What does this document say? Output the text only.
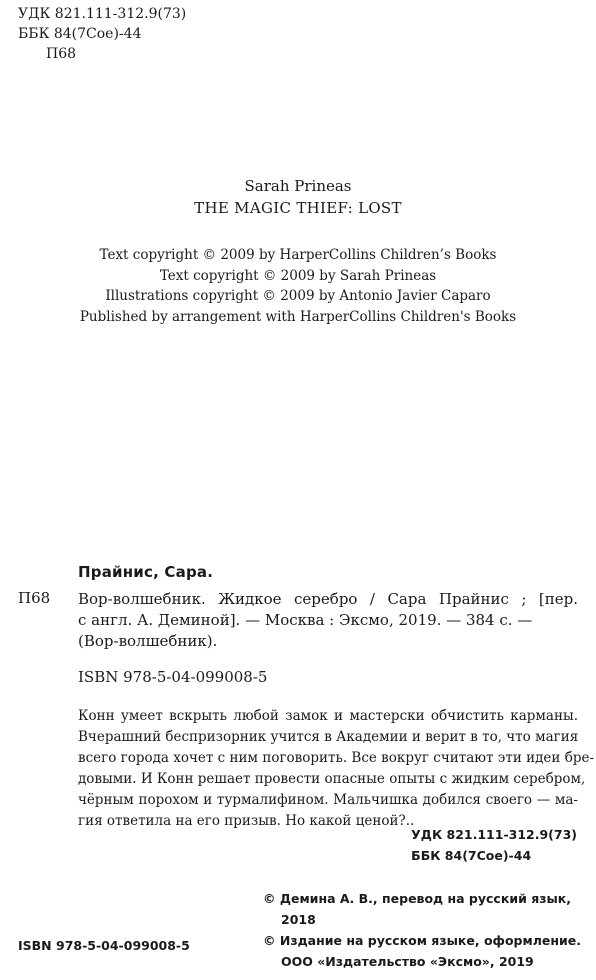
УДК 821.111-312.9(73)
ББК 84(7Сое)-44
П68
Sarah Prineas
THE MAGIC THIEF: LOST
Text copyright © 2009 by HarperCollins Children’s Books
Text copyright © 2009 by Sarah Prineas
Illustrations copyright © 2009 by Antonio Javier Caparo
Published by arrangement with HarperCollins Children's Books
Прайнис, Сара.
П68 Вор-волшебник. Жидкое серебро / Сара Прайнис ; [пер.
с англ. А. Деминой]. — Москва : Эксмо, 2019. — 384 с. —
(Вор-волшебник).
ISBN 978-5-04-099008-5
Конн умеет вскрыть любой замок и мастерски обчистить карманы.
Вчерашний беспризорник учится в Академии и верит в то, что магия
всего города хочет с ним поговорить. Все вокруг считают эти идеи бре-
довыми. И Конн решает провести опасные опыты с жидким серебром,
чёрным порохом и турмалифином. Мальчишка добился своего — ма-
гия ответила на его призыв. Но какой ценой?..
УДК 821.111-312.9(73)
ББК 84(7Сое)-44
ISBN 978-5-04-099008-5
© Демина А. В., перевод на русский язык,
2018
© Издание на русском языке, оформление.
ООО «Издательство «Эксмо», 2019
